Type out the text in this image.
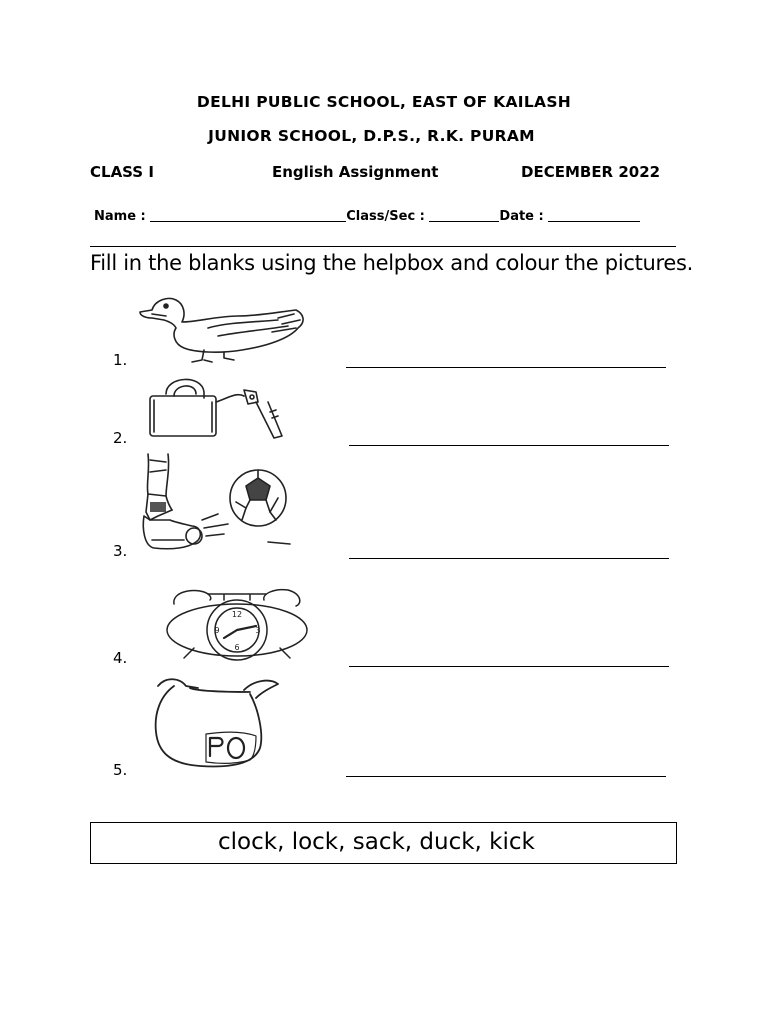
DELHI PUBLIC SCHOOL, EAST OF KAILASH
JUNIOR SCHOOL, D.P.S., R.K. PURAM
CLASS I	English Assignment	DECEMBER 2022
Name :	Class/Sec :	Date :
Fill in the blanks using the helpbox and colour the pictures.
1.
2.
3.
12
3
6
9
4.
5.
clock, lock, sack, duck, kick
